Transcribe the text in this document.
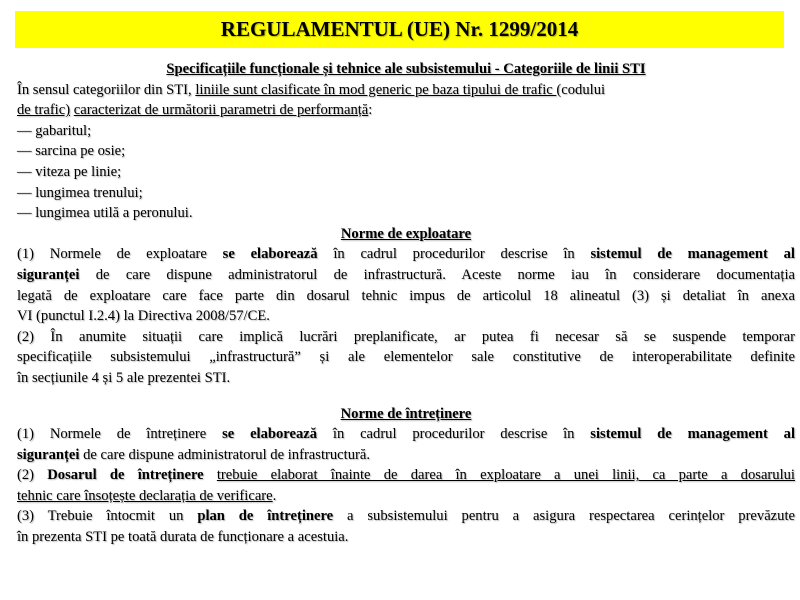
REGULAMENTUL (UE) Nr. 1299/2014
Specificațiile funcționale și tehnice ale subsistemului - Categoriile de linii STI
În sensul categoriilor din STI, liniile sunt clasificate în mod generic pe baza tipului de trafic (codului
de trafic) caracterizat de următorii parametri de performanță:
— gabaritul;
— sarcina pe osie;
— viteza pe linie;
— lungimea trenului;
— lungimea utilă a peronului.
Norme de exploatare
(1) Normele de exploatare se elaborează în cadrul procedurilor descrise în sistemul de management al
siguranței de care dispune administratorul de infrastructură. Aceste norme iau în considerare documentația
legată de exploatare care face parte din dosarul tehnic impus de articolul 18 alineatul (3) și detaliat în anexa
VI (punctul I.2.4) la Directiva 2008/57/CE.
(2) În anumite situații care implică lucrări preplanificate, ar putea fi necesar să se suspende temporar
specificațiile subsistemului „infrastructură” și ale elementelor sale constitutive de interoperabilitate definite
în secțiunile 4 și 5 ale prezentei STI.
Norme de întreținere
(1) Normele de întreținere se elaborează în cadrul procedurilor descrise în sistemul de management al
siguranței de care dispune administratorul de infrastructură.
(2) Dosarul de întreținere trebuie elaborat înainte de darea în exploatare a unei linii, ca parte a dosarului
tehnic care însoțește declarația de verificare.
(3) Trebuie întocmit un plan de întreținere a subsistemului pentru a asigura respectarea cerințelor prevăzute
în prezenta STI pe toată durata de funcționare a acestuia.
